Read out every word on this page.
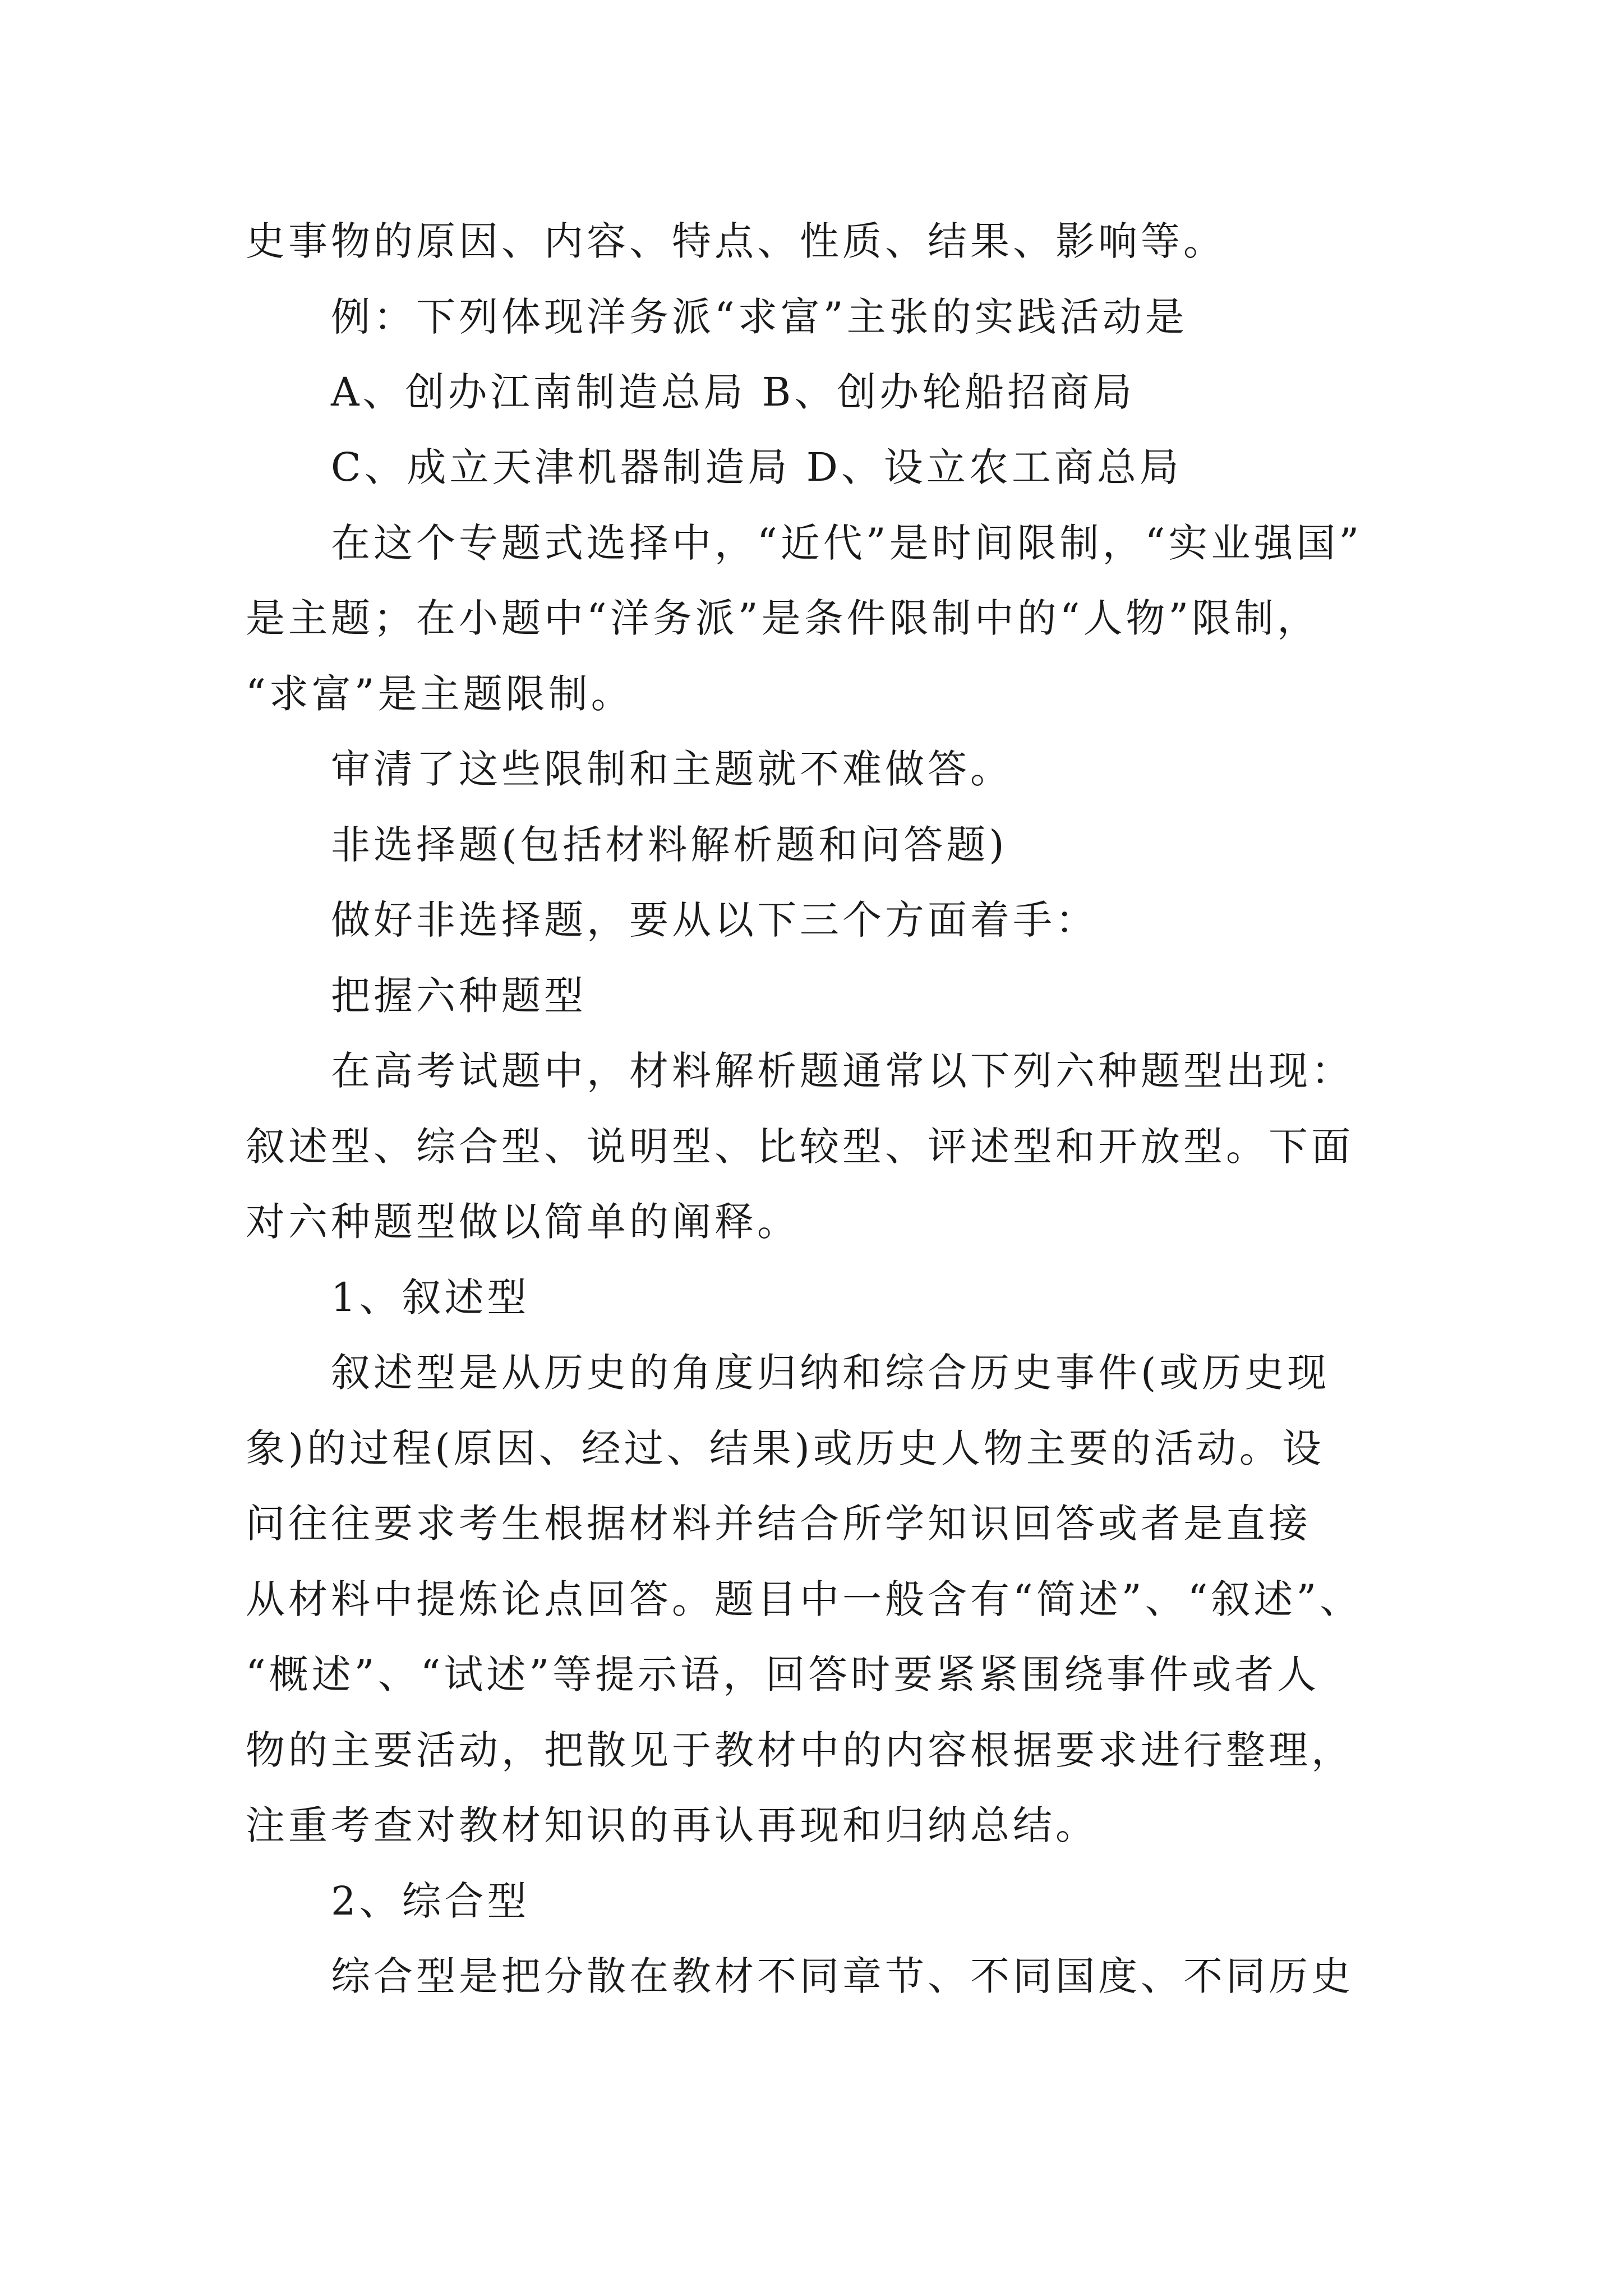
史事物的原因、内容、特点、性质、结果、影响等。
例：下列体现洋务派“求富”主张的实践活动是
A、创办江南制造总局 B、创办轮船招商局
C、成立天津机器制造局 D、设立农工商总局
在这个专题式选择中，“近代”是时间限制，“实业强国”
是主题；在小题中“洋务派”是条件限制中的“人物”限制，
“求富”是主题限制。
审清了这些限制和主题就不难做答。
非选择题(包括材料解析题和问答题)
做好非选择题，要从以下三个方面着手：
把握六种题型
在高考试题中，材料解析题通常以下列六种题型出现：
叙述型、综合型、说明型、比较型、评述型和开放型。下面
对六种题型做以简单的阐释。
1、叙述型
叙述型是从历史的角度归纳和综合历史事件(或历史现
象)的过程(原因、经过、结果)或历史人物主要的活动。设
问往往要求考生根据材料并结合所学知识回答或者是直接
从材料中提炼论点回答。题目中一般含有“简述”、“叙述”、
“概述”、“试述”等提示语，回答时要紧紧围绕事件或者人
物的主要活动，把散见于教材中的内容根据要求进行整理，
注重考查对教材知识的再认再现和归纳总结。
2、综合型
综合型是把分散在教材不同章节、不同国度、不同历史
